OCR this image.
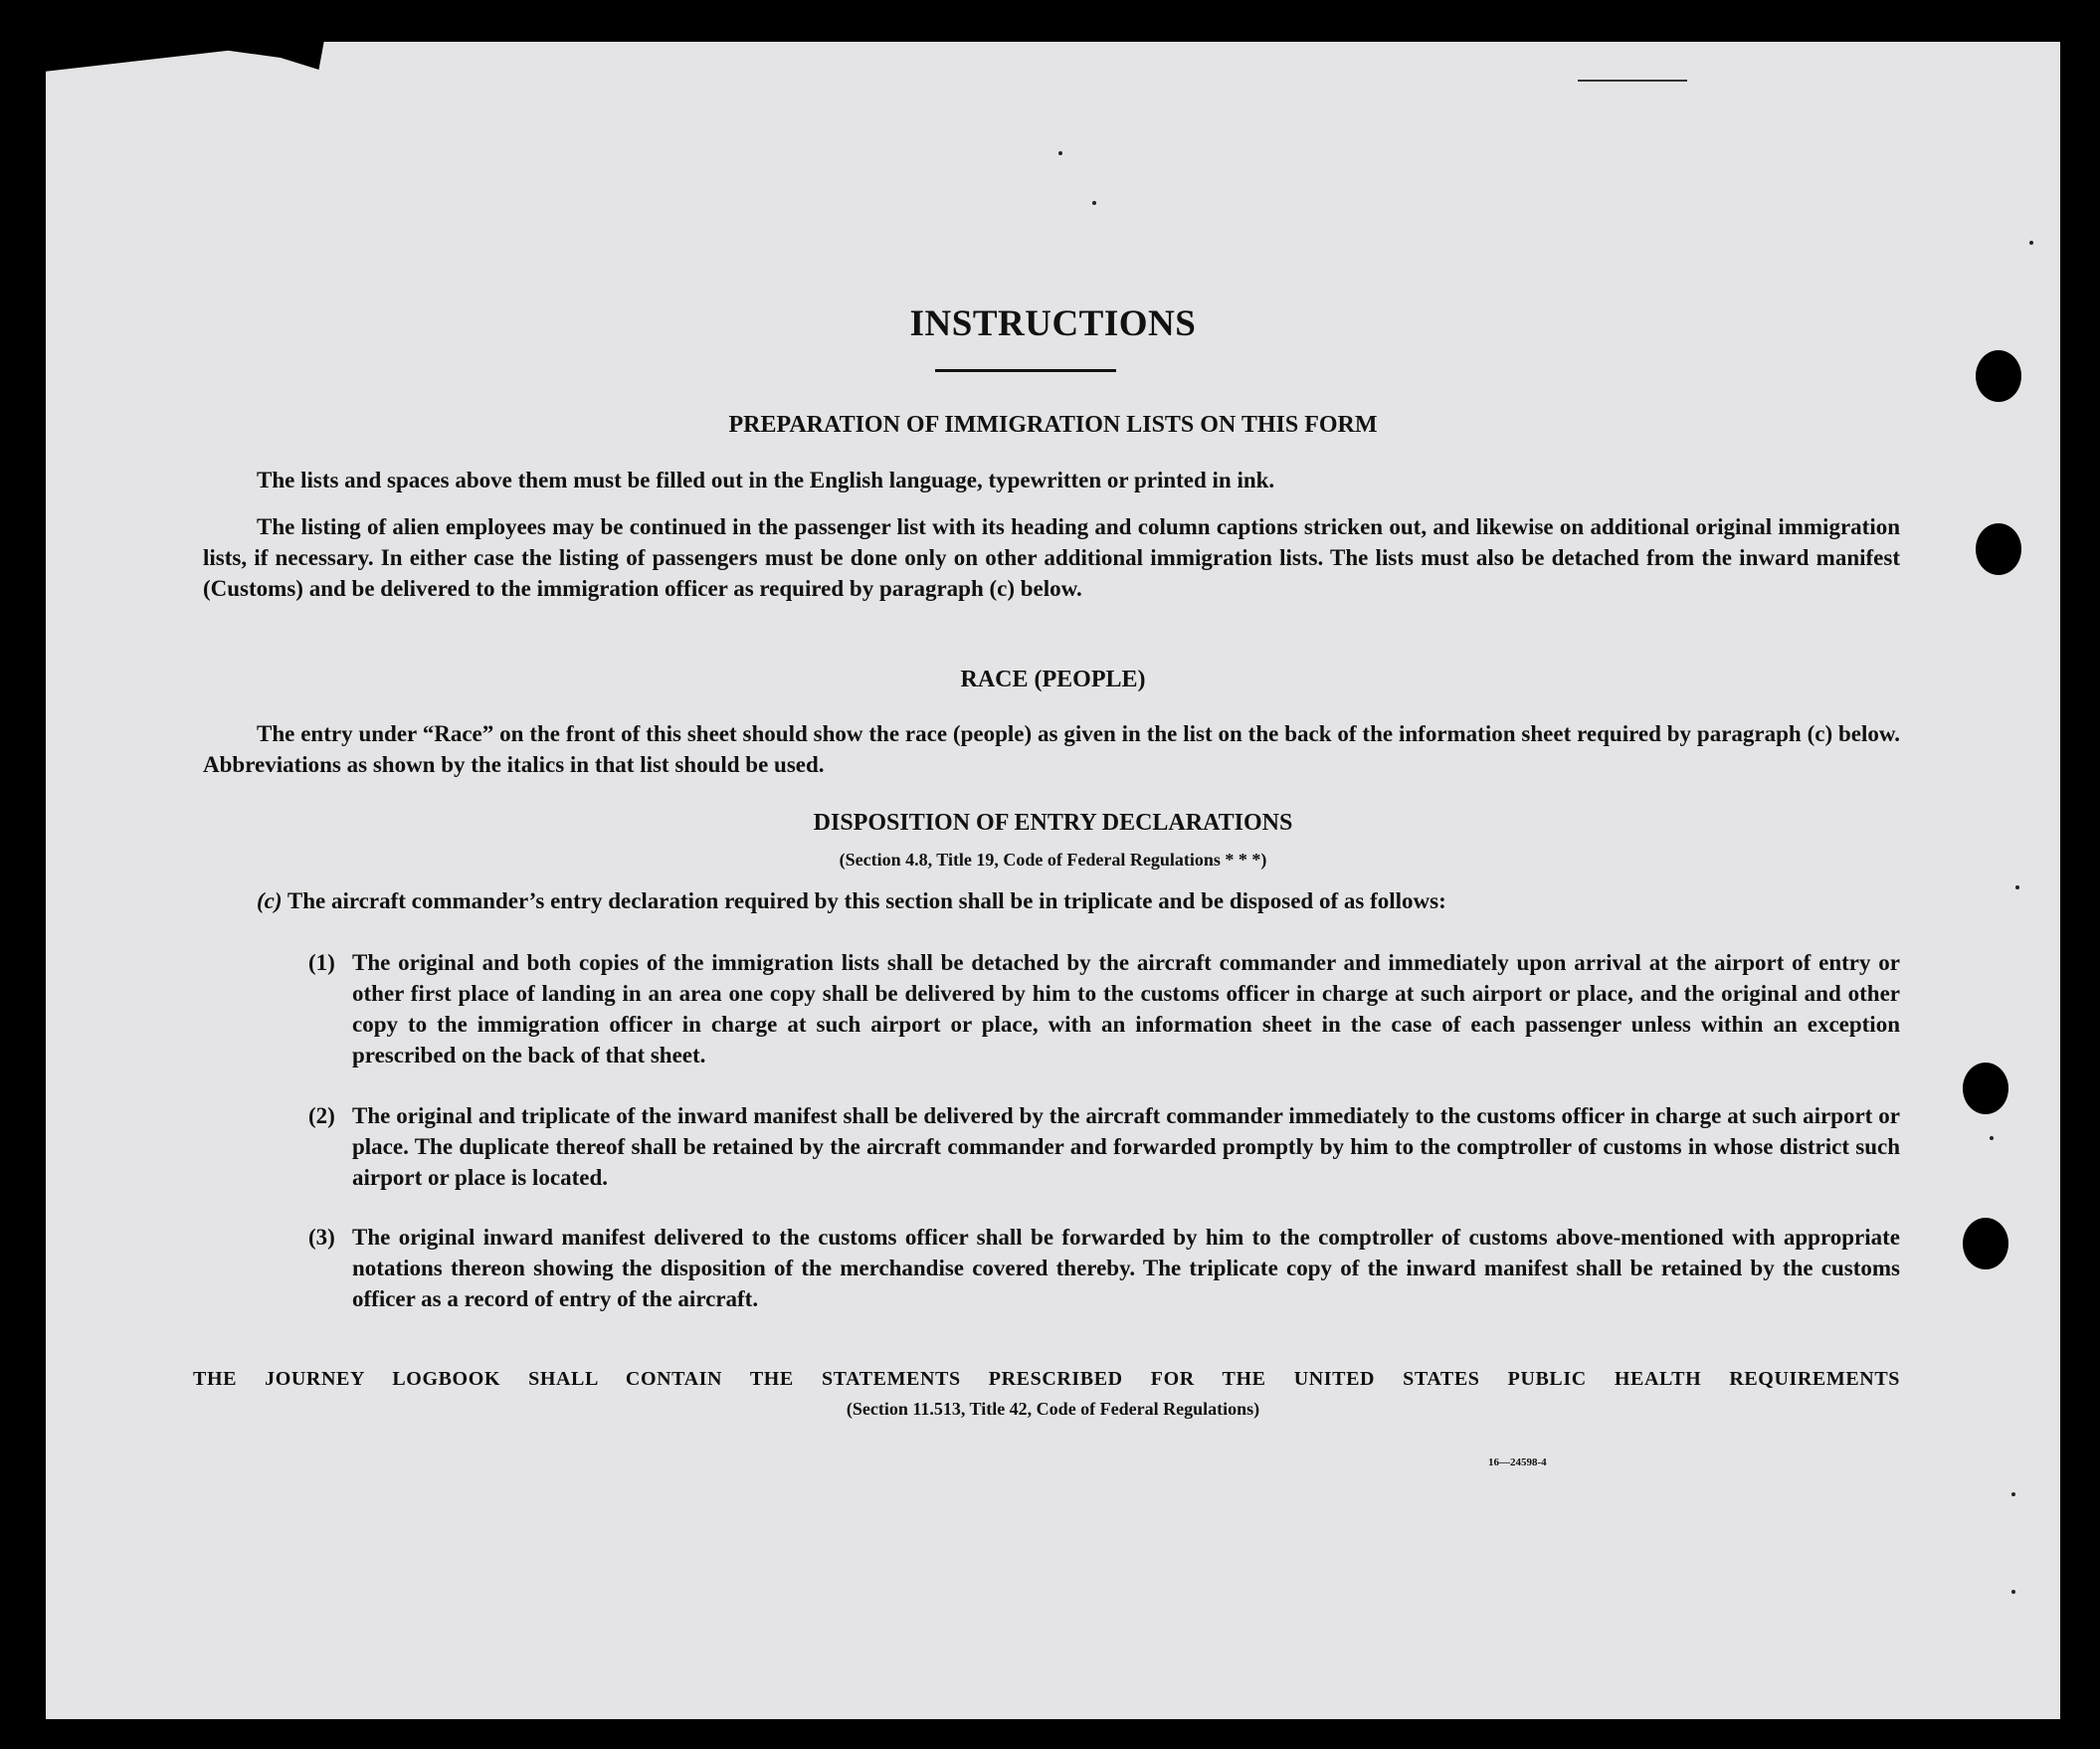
INSTRUCTIONS
PREPARATION OF IMMIGRATION LISTS ON THIS FORM

The lists and spaces above them must be filled out in the English language, typewritten or printed in ink.

The listing of alien employees may be continued in the passenger list with its heading and column captions stricken out, and likewise on additional original immigration lists, if necessary. In either case the listing of passengers must be done only on other additional immigration lists. The lists must also be detached from the inward manifest (Customs) and be delivered to the immigration officer as required by paragraph (c) below.

RACE (PEOPLE)

The entry under “Race” on the front of this sheet should show the race (people) as given in the list on the back of the information sheet required by paragraph (c) below. Abbreviations as shown by the italics in that list should be used.

DISPOSITION OF ENTRY DECLARATIONS
(Section 4.8, Title 19, Code of Federal Regulations * * *)
(c) The aircraft commander’s entry declaration required by this section shall be in triplicate and be disposed of as follows:
(1) The original and both copies of the immigration lists shall be detached by the aircraft commander and immediately upon arrival at the airport of entry or other first place of landing in an area one copy shall be delivered by him to the customs officer in charge at such airport or place, and the original and other copy to the immigration officer in charge at such airport or place, with an information sheet in the case of each passenger unless within an exception prescribed on the back of that sheet.
(2) The original and triplicate of the inward manifest shall be delivered by the aircraft commander immediately to the customs officer in charge at such airport or place. The duplicate thereof shall be retained by the aircraft commander and forwarded promptly by him to the comptroller of customs in whose district such airport or place is located.
(3) The original inward manifest delivered to the customs officer shall be forwarded by him to the comptroller of customs above-mentioned with appropriate notations thereon showing the disposition of the merchandise covered thereby. The triplicate copy of the inward manifest shall be retained by the customs officer as a record of entry of the aircraft.
THE JOURNEY LOGBOOK SHALL CONTAIN THE STATEMENTS PRESCRIBED FOR THE UNITED STATES PUBLIC HEALTH REQUIREMENTS
(Section 11.513, Title 42, Code of Federal Regulations)
16—24598-4
